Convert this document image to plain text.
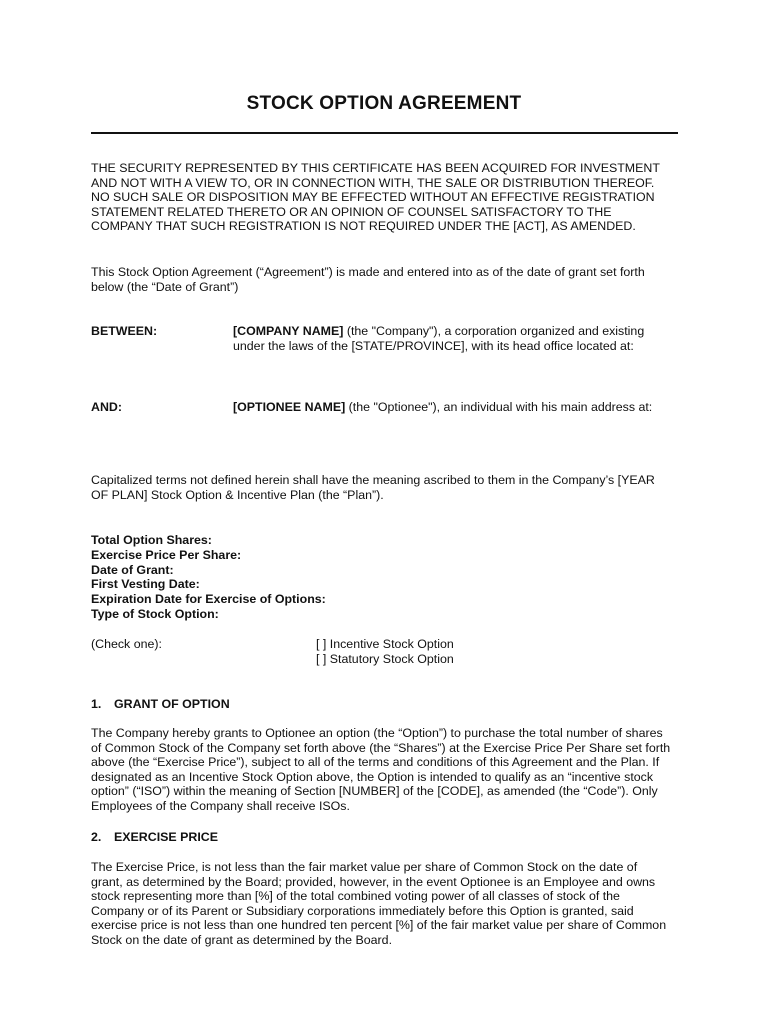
STOCK OPTION AGREEMENT

THE SECURITY REPRESENTED BY THIS CERTIFICATE HAS BEEN ACQUIRED FOR INVESTMENT
AND NOT WITH A VIEW TO, OR IN CONNECTION WITH, THE SALE OR DISTRIBUTION THEREOF.
NO SUCH SALE OR DISPOSITION MAY BE EFFECTED WITHOUT AN EFFECTIVE REGISTRATION
STATEMENT RELATED THERETO OR AN OPINION OF COUNSEL SATISFACTORY TO THE
COMPANY THAT SUCH REGISTRATION IS NOT REQUIRED UNDER THE [ACT], AS AMENDED.

This Stock Option Agreement (“Agreement”) is made and entered into as of the date of grant set forth
below (the “Date of Grant”)

BETWEEN:	[COMPANY NAME] (the "Company"), a corporation organized and existing
under the laws of the [STATE/PROVINCE], with its head office located at:
AND:	[OPTIONEE NAME] (the "Optionee"), an individual with his main address at:

Capitalized terms not defined herein shall have the meaning ascribed to them in the Company’s [YEAR
OF PLAN] Stock Option & Incentive Plan (the “Plan”).

Total Option Shares:
Exercise Price Per Share:
Date of Grant:
First Vesting Date:
Expiration Date for Exercise of Options:
Type of Stock Option:
(Check one):	[ ] Incentive Stock Option
[ ] Statutory Stock Option
1. GRANT OF OPTION

The Company hereby grants to Optionee an option (the “Option”) to purchase the total number of shares
of Common Stock of the Company set forth above (the “Shares”) at the Exercise Price Per Share set forth
above (the “Exercise Price”), subject to all of the terms and conditions of this Agreement and the Plan. If
designated as an Incentive Stock Option above, the Option is intended to qualify as an “incentive stock
option” (“ISO”) within the meaning of Section [NUMBER] of the [CODE], as amended (the “Code”). Only
Employees of the Company shall receive ISOs.

2. EXERCISE PRICE

The Exercise Price, is not less than the fair market value per share of Common Stock on the date of
grant, as determined by the Board; provided, however, in the event Optionee is an Employee and owns
stock representing more than [%] of the total combined voting power of all classes of stock of the
Company or of its Parent or Subsidiary corporations immediately before this Option is granted, said
exercise price is not less than one hundred ten percent [%] of the fair market value per share of Common
Stock on the date of grant as determined by the Board.
